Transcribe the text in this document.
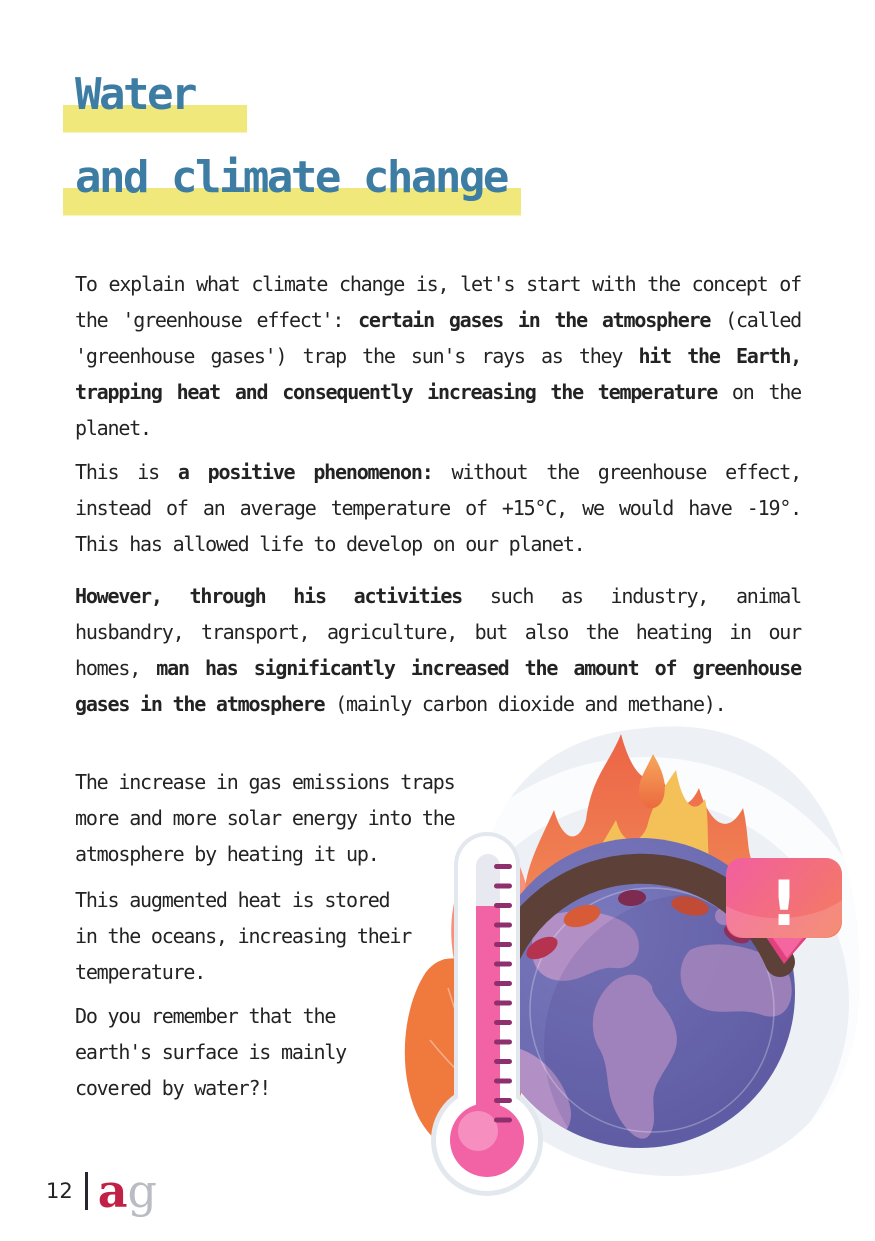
Water
and climate change

To explain what climate change is, let's start with the concept of the 'greenhouse effect': certain gases in the atmosphere (called 'greenhouse gases') trap the sun's rays as they hit the Earth, trapping heat and consequently increasing the temperature on the planet.

This is a positive phenomenon: without the greenhouse effect, instead of an average temperature of +15°C, we would have -19°. This has allowed life to develop on our planet.

However, through his activities such as industry, animal husbandry, transport, agriculture, but also the heating in our homes, man has significantly increased the amount of greenhouse gases in the atmosphere (mainly carbon dioxide and methane).

The increase in gas emissions traps more and more solar energy into the atmosphere by heating it up.

This augmented heat is stored in the oceans, increasing their temperature.

Do you remember that the earth's surface is mainly covered by water?!

!
12 ag
